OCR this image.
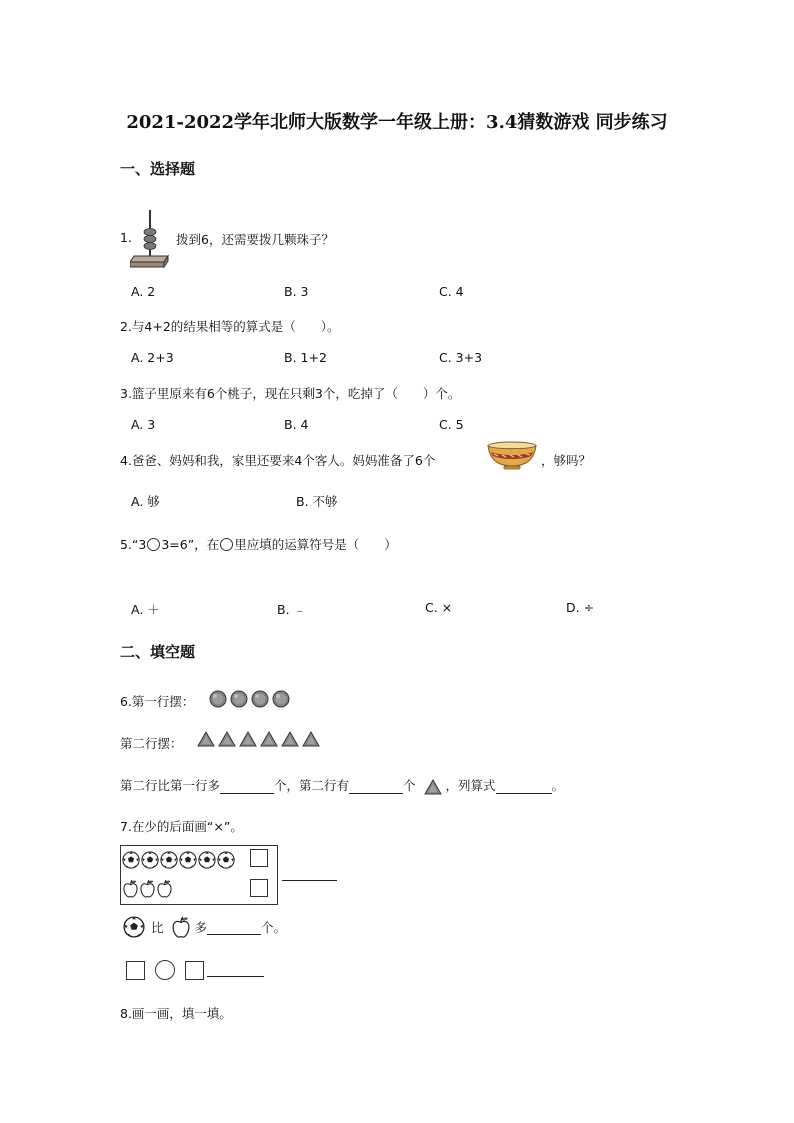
2021-2022学年北师大版数学一年级上册：3.4猜数游戏 同步练习
一、选择题
1.	拨到6，还需要拨几颗珠子？
A. 2	B. 3	C. 4
2.与4+2的结果相等的算式是（　　）。
A. 2+3	B. 1+2	C. 3+3
3.篮子里原来有6个桃子，现在只剩3个，吃掉了（　　）个。
A. 3	B. 4	C. 5
4.爸爸、妈妈和我，家里还要来4个客人。妈妈准备了6个	，够吗？
A. 够	B. 不够
5.“3 3=6”，在 里应填的运算符号是（　　）
A. ＋	B. ﹣	C. ×	D. ÷
二、填空题
6.第一行摆：
第二行摆：
第二行比第一行多	个，第二行有	个 ，列算式	。
7.在少的后面画“×”。
比 多	个。
8.画一画，填一填。
